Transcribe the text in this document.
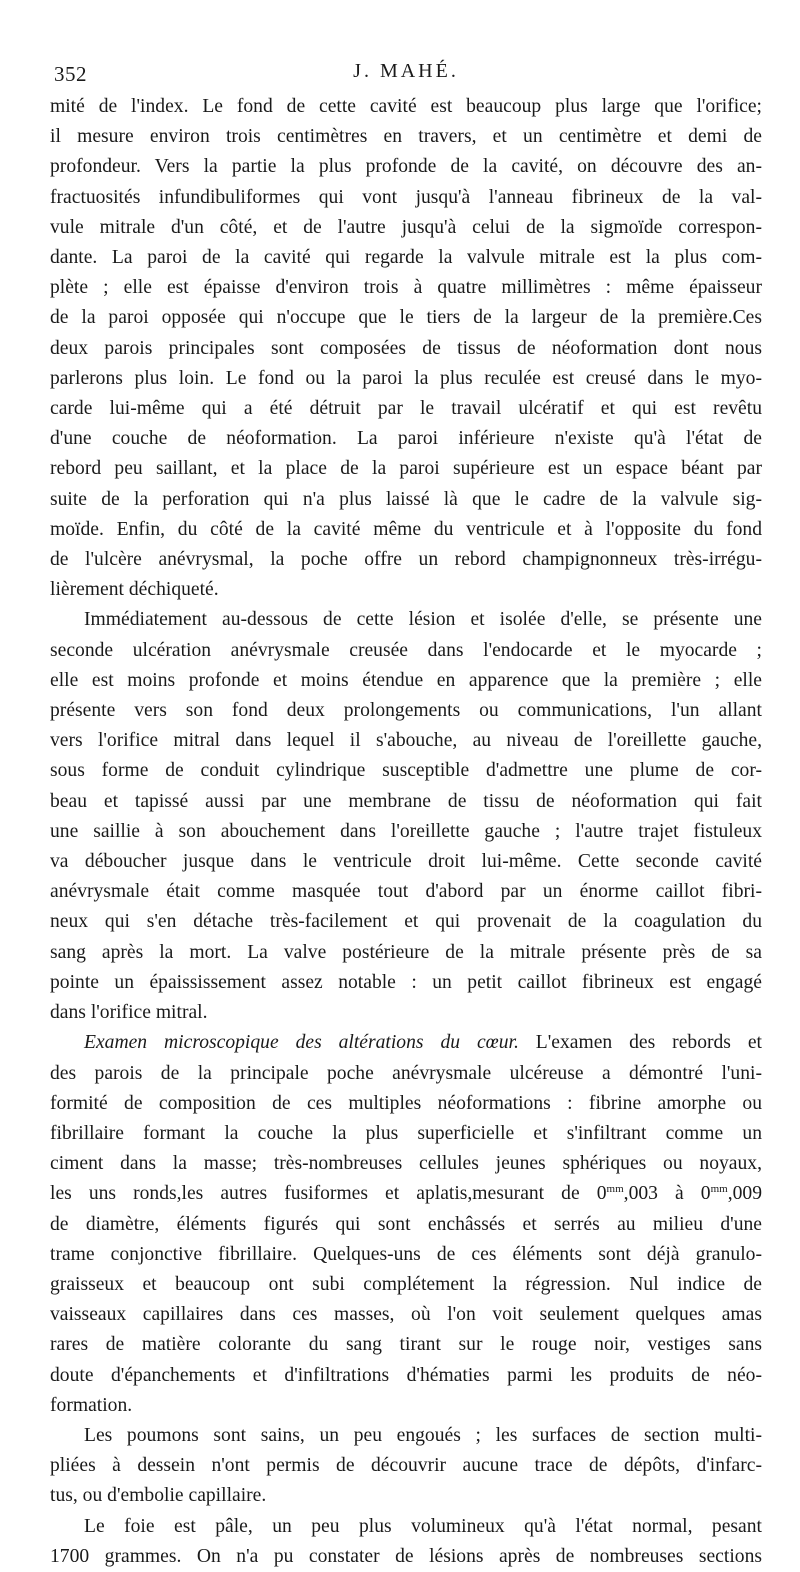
352	J. MAHÉ.
mité de l'index. Le fond de cette cavité est beaucoup plus large que l'orifice;
il mesure environ trois centimètres en travers, et un centimètre et demi de
profondeur. Vers la partie la plus profonde de la cavité, on découvre des an-
fractuosités infundibuliformes qui vont jusqu'à l'anneau fibrineux de la val-
vule mitrale d'un côté, et de l'autre jusqu'à celui de la sigmoïde correspon-
dante. La paroi de la cavité qui regarde la valvule mitrale est la plus com-
plète ; elle est épaisse d'environ trois à quatre millimètres : même épaisseur
de la paroi opposée qui n'occupe que le tiers de la largeur de la première.Ces
deux parois principales sont composées de tissus de néoformation dont nous
parlerons plus loin. Le fond ou la paroi la plus reculée est creusé dans le myo-
carde lui-même qui a été détruit par le travail ulcératif et qui est revêtu
d'une couche de néoformation. La paroi inférieure n'existe qu'à l'état de
rebord peu saillant, et la place de la paroi supérieure est un espace béant par
suite de la perforation qui n'a plus laissé là que le cadre de la valvule sig-
moïde. Enfin, du côté de la cavité même du ventricule et à l'opposite du fond
de l'ulcère anévrysmal, la poche offre un rebord champignonneux très-irrégu-
lièrement déchiqueté.
Immédiatement au-dessous de cette lésion et isolée d'elle, se présente une
seconde ulcération anévrysmale creusée dans l'endocarde et le myocarde ;
elle est moins profonde et moins étendue en apparence que la première ; elle
présente vers son fond deux prolongements ou communications, l'un allant
vers l'orifice mitral dans lequel il s'abouche, au niveau de l'oreillette gauche,
sous forme de conduit cylindrique susceptible d'admettre une plume de cor-
beau et tapissé aussi par une membrane de tissu de néoformation qui fait
une saillie à son abouchement dans l'oreillette gauche ; l'autre trajet fistuleux
va déboucher jusque dans le ventricule droit lui-même. Cette seconde cavité
anévrysmale était comme masquée tout d'abord par un énorme caillot fibri-
neux qui s'en détache très-facilement et qui provenait de la coagulation du
sang après la mort. La valve postérieure de la mitrale présente près de sa
pointe un épaississement assez notable : un petit caillot fibrineux est engagé
dans l'orifice mitral.
Examen microscopique des altérations du cœur. L'examen des rebords et
des parois de la principale poche anévrysmale ulcéreuse a démontré l'uni-
formité de composition de ces multiples néoformations : fibrine amorphe ou
fibrillaire formant la couche la plus superficielle et s'infiltrant comme un
ciment dans la masse; très-nombreuses cellules jeunes sphériques ou noyaux,
les uns ronds,les autres fusiformes et aplatis,mesurant de $0^{mm},003$ à $0^{mm},009$
de diamètre, éléments figurés qui sont enchâssés et serrés au milieu d'une
trame conjonctive fibrillaire. Quelques-uns de ces éléments sont déjà granulo-
graisseux et beaucoup ont subi complétement la régression. Nul indice de
vaisseaux capillaires dans ces masses, où l'on voit seulement quelques amas
rares de matière colorante du sang tirant sur le rouge noir, vestiges sans
doute d'épanchements et d'infiltrations d'hématies parmi les produits de néo-
formation.
Les poumons sont sains, un peu engoués ; les surfaces de section multi-
pliées à dessein n'ont permis de découvrir aucune trace de dépôts, d'infarc-
tus, ou d'embolie capillaire.
Le foie est pâle, un peu plus volumineux qu'à l'état normal, pesant
1700 grammes. On n'a pu constater de lésions après de nombreuses sections
